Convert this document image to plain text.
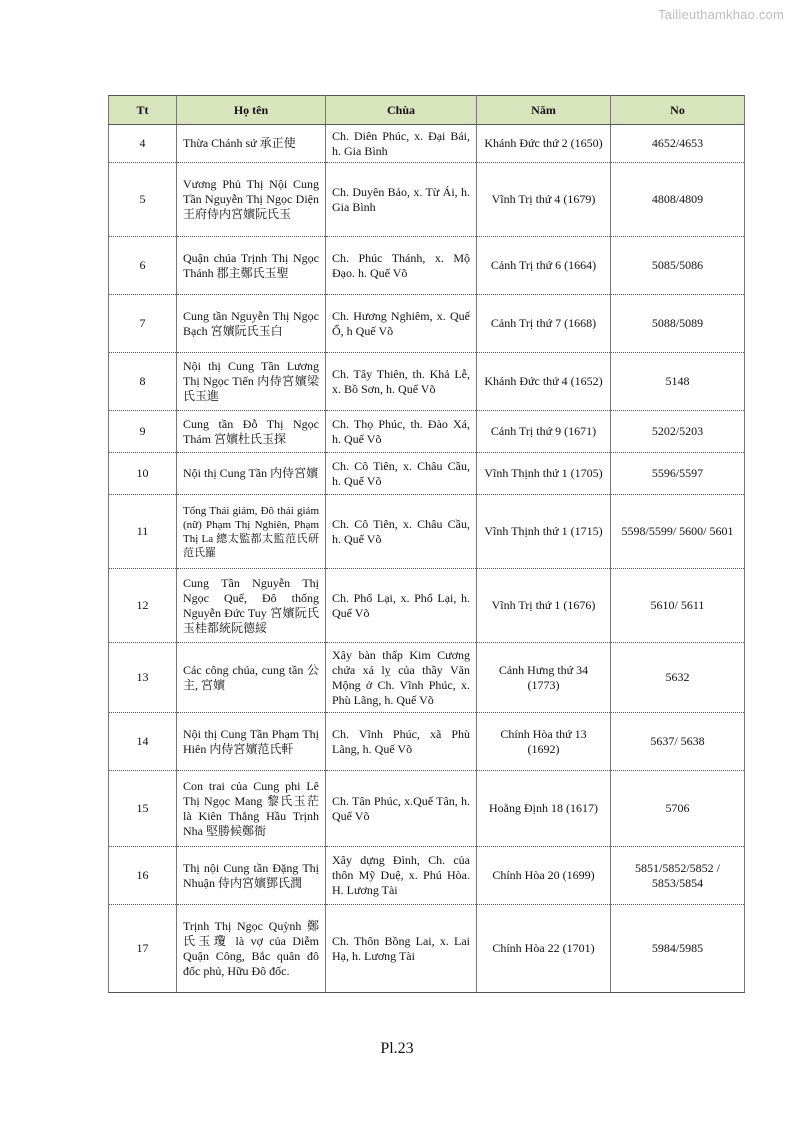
Tailieuthamkhao.com
Tt	Họ tên	Chùa	Năm	No
4	Thừa Chánh sứ 承正使	Ch. Diên Phúc, x. Đại Bái, h. Gia Bình	Khánh Đức thứ 2 (1650)	4652/4653
5	Vương Phủ Thị Nội Cung Tần Nguyễn Thị Ngọc Diện 王府侍内宮嬪阮氏玉	Ch. Duyên Bảo, x. Từ Ái, h. Gia Bình	Vĩnh Trị thứ 4 (1679)	4808/4809
6	Quận chúa Trịnh Thị Ngọc Thánh 郡主鄭氏玉聖	Ch. Phúc Thánh, x. Mộ Đạo. h. Quế Võ	Cảnh Trị thứ 6 (1664)	5085/5086
7	Cung tần Nguyễn Thị Ngọc Bạch 宮嬪阮氏玉白	Ch. Hương Nghiêm, x. Quế Ổ, h Quế Võ	Cảnh Trị thứ 7 (1668)	5088/5089
8	Nội thị Cung Tần Lương Thị Ngọc Tiến 内侍宮嬪梁氏玉進	Ch. Tây Thiên, th. Khả Lễ, x. Bồ Sơn, h. Quế Võ	Khánh Đức thứ 4 (1652)	5148
9	Cung tần Đỗ Thị Ngọc Thám 宮嬪杜氏玉探	Ch. Thọ Phúc, th. Đào Xá, h. Quế Võ	Cảnh Trị thứ 9 (1671)	5202/5203
10	Nội thị Cung Tần 内侍宮嬪	Ch. Cô Tiên, x. Châu Cầu, h. Quế Võ	Vĩnh Thịnh thứ 1 (1705)	5596/5597
11	Tổng Thái giám, Đô thái giám (nữ) Phạm Thị Nghiên, Phạm Thị La 總太監都太監范氏研范氏羅	Ch. Cô Tiên, x. Châu Cầu, h. Quế Võ	Vĩnh Thịnh thứ 1 (1715)	5598/5599/ 5600/ 5601
12	Cung Tần Nguyễn Thị Ngọc Quế, Đô thống Nguyễn Đức Tuy 宮嬪阮氏玉桂都統阮德綏	Ch. Phổ Lại, x. Phổ Lại, h. Quế Võ	Vĩnh Trị thứ 1 (1676)	5610/ 5611
13	Các công chúa, cung tần 公主, 宮嬪	Xây bàn thấp Kim Cương chứa xá lỵ của thầy Văn Mộng ở Ch. Vĩnh Phúc, x. Phù Lãng, h. Quế Võ	Cảnh Hưng thứ 34 (1773)	5632
14	Nội thị Cung Tần Phạm Thị Hiên 内侍宮嬪范氏軒	Ch. Vĩnh Phúc, xã Phù Lãng, h. Quế Võ	Chính Hòa thứ 13 (1692)	5637/ 5638
15	Con trai của Cung phi Lê Thị Ngọc Mang 黎氏玉茫 là Kiên Thắng Hầu Trịnh Nha 堅勝候鄭衙	Ch. Tân Phúc, x.Quế Tân, h. Quế Võ	Hoằng Định 18 (1617)	5706
16	Thị nội Cung tần Đặng Thị Nhuận 侍内宮嬪鄧氏潤	Xây dựng Đình, Ch. của thôn Mỹ Duệ, x. Phú Hòa. H. Lương Tài	Chính Hòa 20 (1699)	5851/5852/5852 / 5853/5854
17	Trịnh Thị Ngọc Quỳnh 鄭氏玉瓊 là vợ của Diễm Quận Công, Bắc quân đô đốc phủ, Hữu Đô đốc.	Ch. Thôn Bồng Lai, x. Lai Hạ, h. Lương Tài	Chính Hòa 22 (1701)	5984/5985
Pl.23
